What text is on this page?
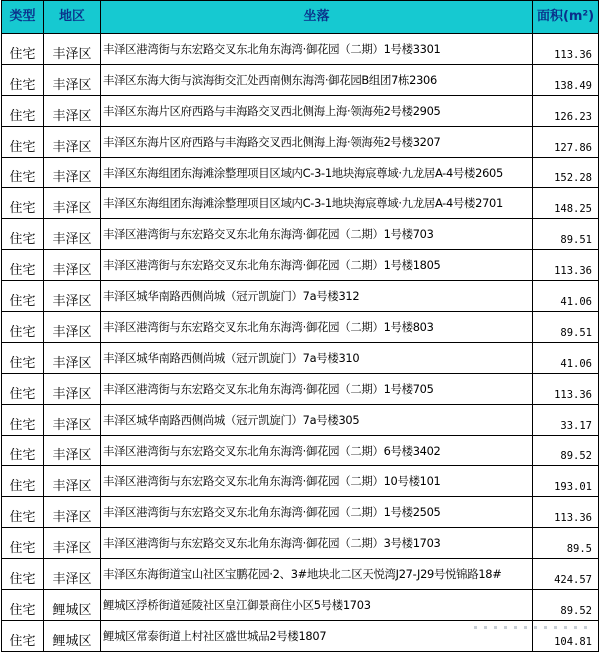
类型	地区	坐落	面积(m²)
住宅	丰泽区	丰泽区港湾街与东宏路交叉东北角东海湾·御花园（二期）1号楼3301	113.36
住宅	丰泽区	丰泽区东海大街与滨海街交汇处西南侧东海湾·御花园B组团7栋2306	138.49
住宅	丰泽区	丰泽区东海片区府西路与丰海路交叉西北侧海上海·领海苑2号楼2905	126.23
住宅	丰泽区	丰泽区东海片区府西路与丰海路交叉西北侧海上海·领海苑2号楼3207	127.86
住宅	丰泽区	丰泽区东海组团东海滩涂整理项目区域内C-3-1地块海宸尊域·九龙居A-4号楼2605	152.28
住宅	丰泽区	丰泽区东海组团东海滩涂整理项目区域内C-3-1地块海宸尊域·九龙居A-4号楼2701	148.25
住宅	丰泽区	丰泽区港湾街与东宏路交叉东北角东海湾·御花园（二期）1号楼703	89.51
住宅	丰泽区	丰泽区港湾街与东宏路交叉东北角东海湾·御花园（二期）1号楼1805	113.36
住宅	丰泽区	丰泽区城华南路西侧尚城（冠亓凯旋门）7a号楼312	41.06
住宅	丰泽区	丰泽区港湾街与东宏路交叉东北角东海湾·御花园（二期）1号楼803	89.51
住宅	丰泽区	丰泽区城华南路西侧尚城（冠亓凯旋门）7a号楼310	41.06
住宅	丰泽区	丰泽区港湾街与东宏路交叉东北角东海湾·御花园（二期）1号楼705	113.36
住宅	丰泽区	丰泽区城华南路西侧尚城（冠亓凯旋门）7a号楼305	33.17
住宅	丰泽区	丰泽区港湾街与东宏路交叉东北角东海湾·御花园（二期）6号楼3402	89.52
住宅	丰泽区	丰泽区港湾街与东宏路交叉东北角东海湾·御花园（二期）10号楼101	193.01
住宅	丰泽区	丰泽区港湾街与东宏路交叉东北角东海湾·御花园（二期）1号楼2505	113.36
住宅	丰泽区	丰泽区港湾街与东宏路交叉东北角东海湾·御花园（二期）3号楼1703	89.5
住宅	丰泽区	丰泽区东海街道宝山社区宝鹏花园·2、3#地块北二区天悦湾J27-J29号悦锦路18#	424.57
住宅	鲤城区	鲤城区浮桥街道延陵社区皇江御景商住小区5号楼1703	89.52
住宅	鲤城区	鲤城区常泰街道上村社区盛世城品2号楼1807	104.81
